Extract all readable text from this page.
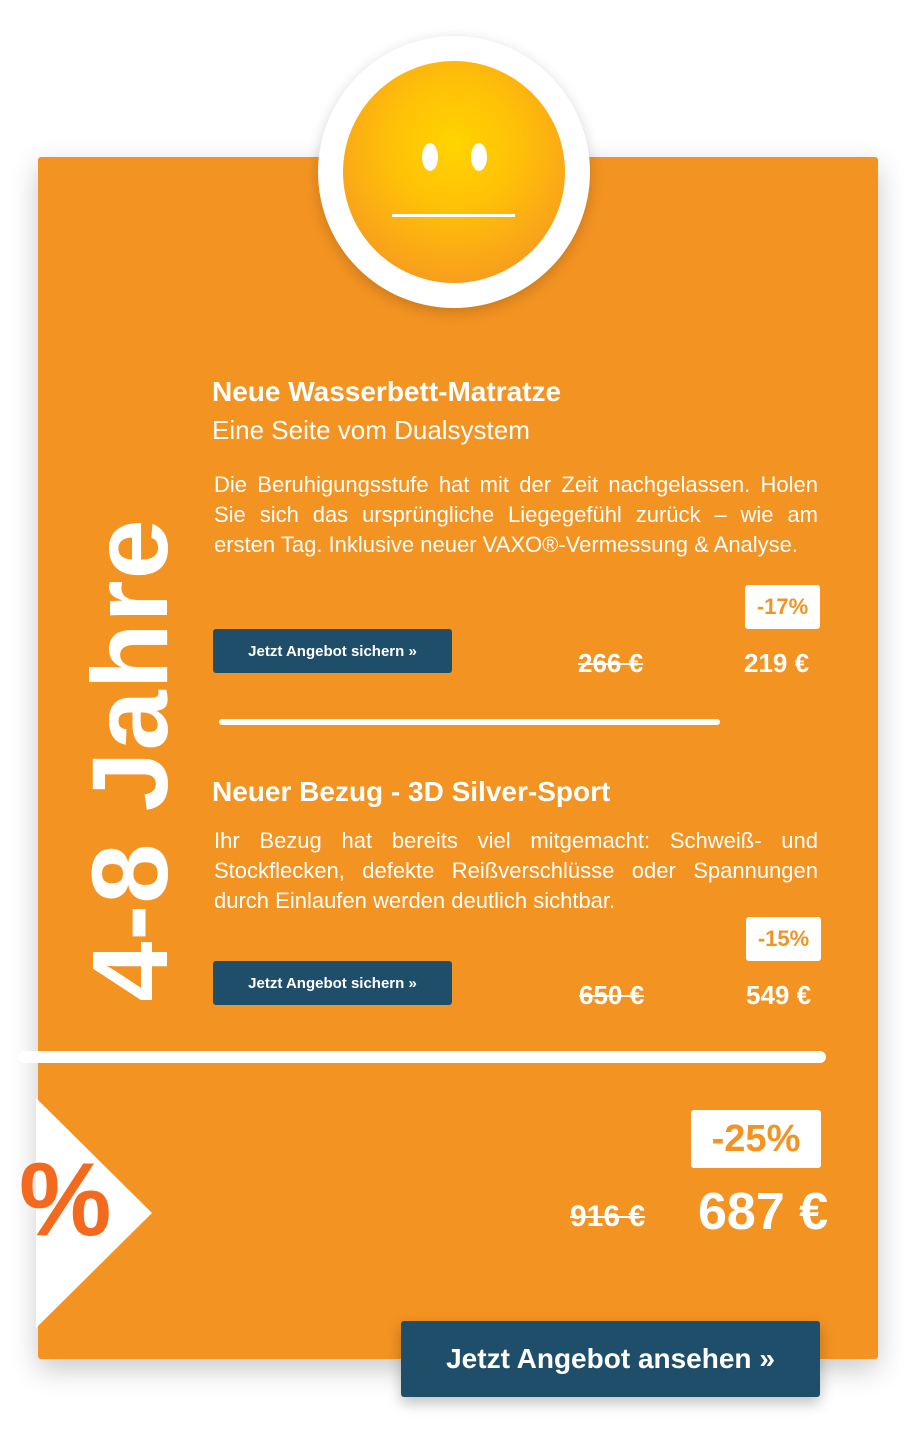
4-8 Jahre
Neue Wasserbett-Matratze
Eine Seite vom Dualsystem

Die Beruhigungsstufe hat mit der Zeit nachgelassen. Holen Sie sich das ursprüngliche Liegegefühl zurück – wie am ersten Tag. Inklusive neuer VAXO®-Vermessung & Analyse.

Jetzt Angebot sichern »
-17%
266 €	219 €
Neuer Bezug - 3D Silver-Sport

Ihr Bezug hat bereits viel mitgemacht: Schweiß- und Stockflecken, defekte Reißverschlüsse oder Spannungen durch Einlaufen werden deutlich sichtbar.

Jetzt Angebot sichern »
-15%
650 €	549 €
%
-25%
916 € 687 €
Jetzt Angebot ansehen »
